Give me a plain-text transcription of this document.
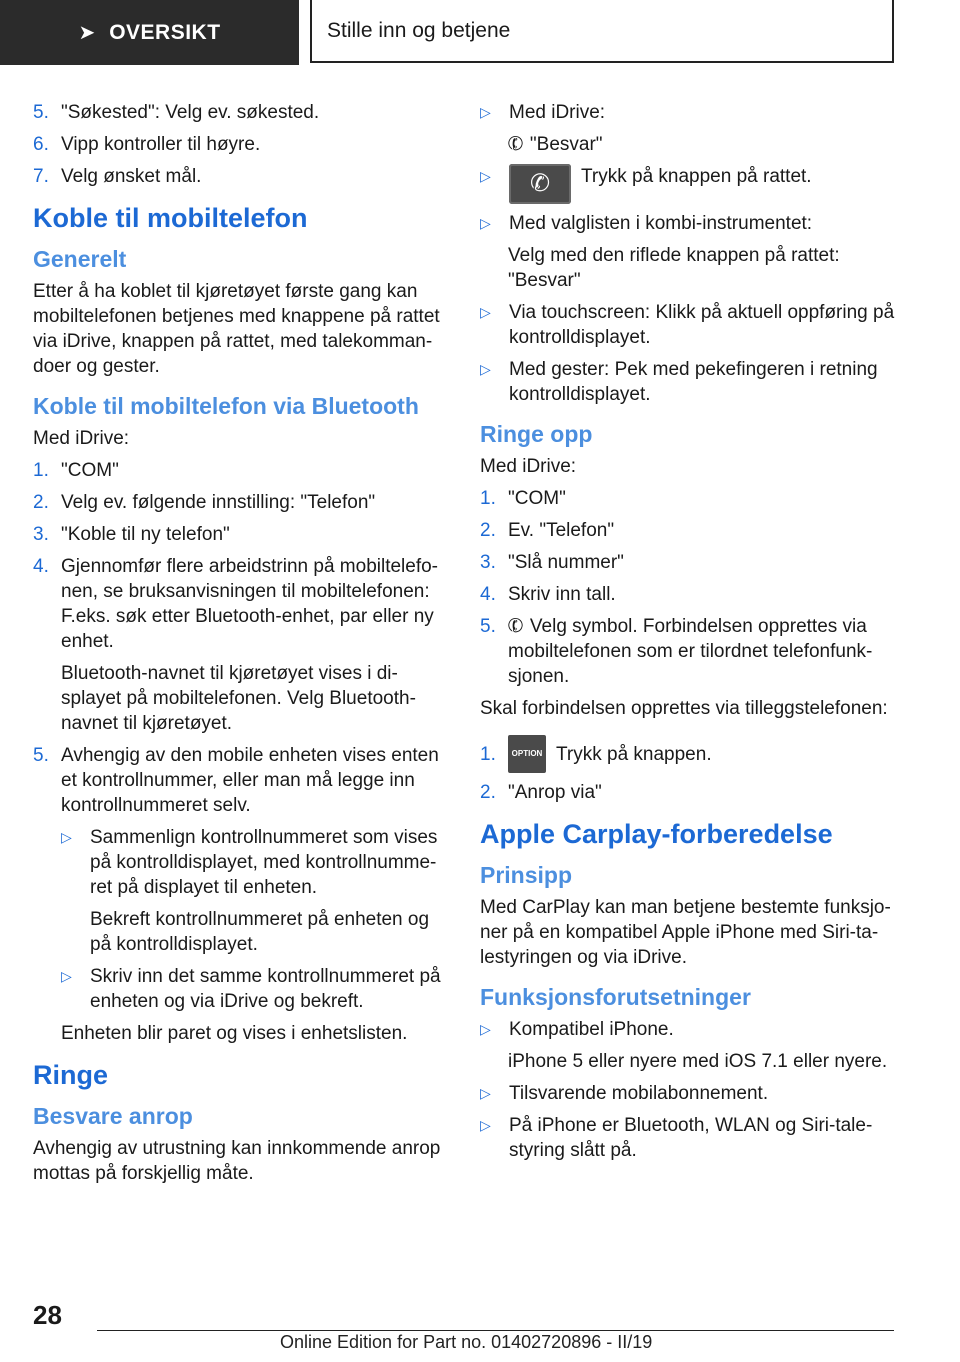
➤ OVERSIKT	Stille inn og betjene
5. "Søkested": Velg ev. søkested.
6. Vipp kontroller til høyre.
7. Velg ønsket mål.
Koble til mobiltelefon
Generelt

Etter å ha koblet til kjøretøyet første gang kan mobiltelefonen betjenes med knappene på rattet via iDrive, knappen på rattet, med talekomman-doer og gester.

Koble til mobiltelefon via Bluetooth

Med iDrive:

1. "COM"
2. Velg ev. følgende innstilling: "Telefon"
3. "Koble til ny telefon"
4. Gjennomfør flere arbeidstrinn på mobiltelefo-nen, se bruksanvisningen til mobiltelefonen: F.eks. søk etter Bluetooth-enhet, par eller ny enhet.

Bluetooth-navnet til kjøretøyet vises i di-splayet på mobiltelefonen. Velg Bluetooth-navnet til kjøretøyet.

5. Avhengig av den mobile enheten vises enten et kontrollnummer, eller man må legge inn kontrollnummeret selv.
▷ Sammenlign kontrollnummeret som vises på kontrolldisplayet, med kontrollnumme-ret på displayet til enheten.

Bekreft kontrollnummeret på enheten og på kontrolldisplayet.

▷ Skriv inn det samme kontrollnummeret på enheten og via iDrive og bekreft.

Enheten blir paret og vises i enhetslisten.

Ringe
Besvare anrop

Avhengig av utrustning kan innkommende anrop mottas på forskjellig måte.

▷ Med iDrive:

✆ "Besvar"

▷	✆	Trykk på knappen på rattet.
▷ Med valglisten i kombi-instrumentet:

Velg med den riflede knappen på rattet: "Besvar"

▷ Via touchscreen: Klikk på aktuell oppføring på kontrolldisplayet.
▷ Med gester: Pek med pekefingeren i retning kontrolldisplayet.
Ringe opp

Med iDrive:

1. "COM"
2. Ev. "Telefon"
3. "Slå nummer"
4. Skriv inn tall.
5. ✆ Velg symbol. Forbindelsen opprettes via mobiltelefonen som er tilordnet telefonfunk-sjonen.

Skal forbindelsen opprettes via tilleggstelefonen:

1.	OPTION Trykk på knappen.
2. "Anrop via"
Apple Carplay-forberedelse
Prinsipp

Med CarPlay kan man betjene bestemte funksjo-ner på en kompatibel Apple iPhone med Siri-ta-lestyringen og via iDrive.

Funksjonsforutsetninger
▷ Kompatibel iPhone.

iPhone 5 eller nyere med iOS 7.1 eller nyere.

▷ Tilsvarende mobilabonnement.
▷ På iPhone er Bluetooth, WLAN og Siri-tale-styring slått på.
28
Online Edition for Part no. 01402720896 - II/19
